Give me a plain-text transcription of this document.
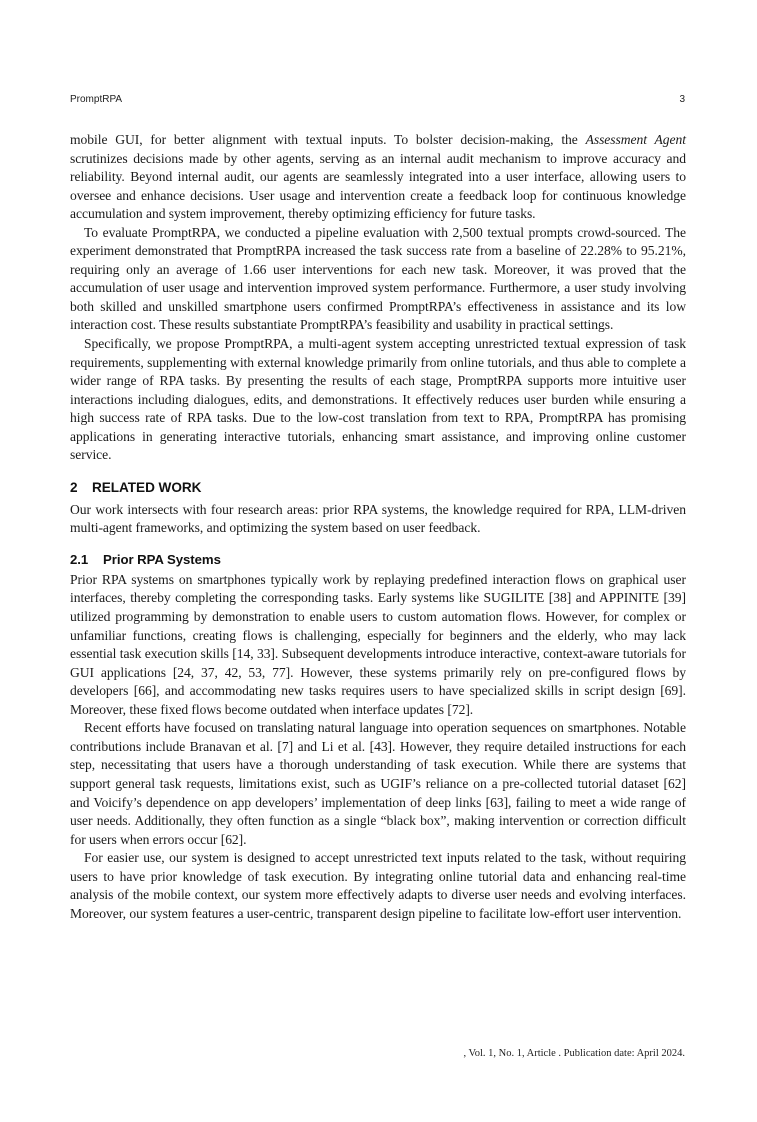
PromptRPA	3

mobile GUI, for better alignment with textual inputs. To bolster decision-making, the Assessment Agent scrutinizes decisions made by other agents, serving as an internal audit mechanism to improve accuracy and reliability. Beyond internal audit, our agents are seamlessly integrated into a user interface, allowing users to oversee and enhance decisions. User usage and intervention create a feedback loop for continuous knowledge accumulation and system improvement, thereby optimizing efficiency for future tasks.

To evaluate PromptRPA, we conducted a pipeline evaluation with 2,500 textual prompts crowd-sourced. The experiment demonstrated that PromptRPA increased the task success rate from a baseline of 22.28% to 95.21%, requiring only an average of 1.66 user interventions for each new task. Moreover, it was proved that the accumulation of user usage and intervention improved system performance. Furthermore, a user study involving both skilled and unskilled smartphone users confirmed PromptRPA’s effectiveness in assistance and its low interaction cost. These results substantiate PromptRPA’s feasibility and usability in practical settings.

Specifically, we propose PromptRPA, a multi-agent system accepting unrestricted textual expression of task requirements, supplementing with external knowledge primarily from online tutorials, and thus able to complete a wider range of RPA tasks. By presenting the results of each stage, PromptRPA supports more intuitive user interactions including dialogues, edits, and demonstrations. It effectively reduces user burden while ensuring a high success rate of RPA tasks. Due to the low-cost translation from text to RPA, PromptRPA has promising applications in generating interactive tutorials, enhancing smart assistance, and improving online customer service.

2 RELATED WORK

Our work intersects with four research areas: prior RPA systems, the knowledge required for RPA, LLM-driven multi-agent frameworks, and optimizing the system based on user feedback.

2.1 Prior RPA Systems

Prior RPA systems on smartphones typically work by replaying predefined interaction flows on graphical user interfaces, thereby completing the corresponding tasks. Early systems like SUGILITE [38] and APPINITE [39] utilized programming by demonstration to enable users to custom automation flows. However, for complex or unfamiliar functions, creating flows is challenging, especially for beginners and the elderly, who may lack essential task execution skills [14, 33]. Subsequent developments introduce interactive, context-aware tutorials for GUI applications [24, 37, 42, 53, 77]. However, these systems primarily rely on pre-configured flows by developers [66], and accommodating new tasks requires users to have specialized skills in script design [69]. Moreover, these fixed flows become outdated when interface updates [72].

Recent efforts have focused on translating natural language into operation sequences on smartphones. Notable contributions include Branavan et al. [7] and Li et al. [43]. However, they require detailed instructions for each step, necessitating that users have a thorough understanding of task execution. While there are systems that support general task requests, limitations exist, such as UGIF’s reliance on a pre-collected tutorial dataset [62] and Voicify’s dependence on app developers’ implementation of deep links [63], failing to meet a wide range of user needs. Additionally, they often function as a single “black box”, making intervention or correction difficult for users when errors occur [62].

For easier use, our system is designed to accept unrestricted text inputs related to the task, without requiring users to have prior knowledge of task execution. By integrating online tutorial data and enhancing real-time analysis of the mobile context, our system more effectively adapts to diverse user needs and evolving interfaces. Moreover, our system features a user-centric, transparent design pipeline to facilitate low-effort user intervention.

, Vol. 1, No. 1, Article . Publication date: April 2024.
